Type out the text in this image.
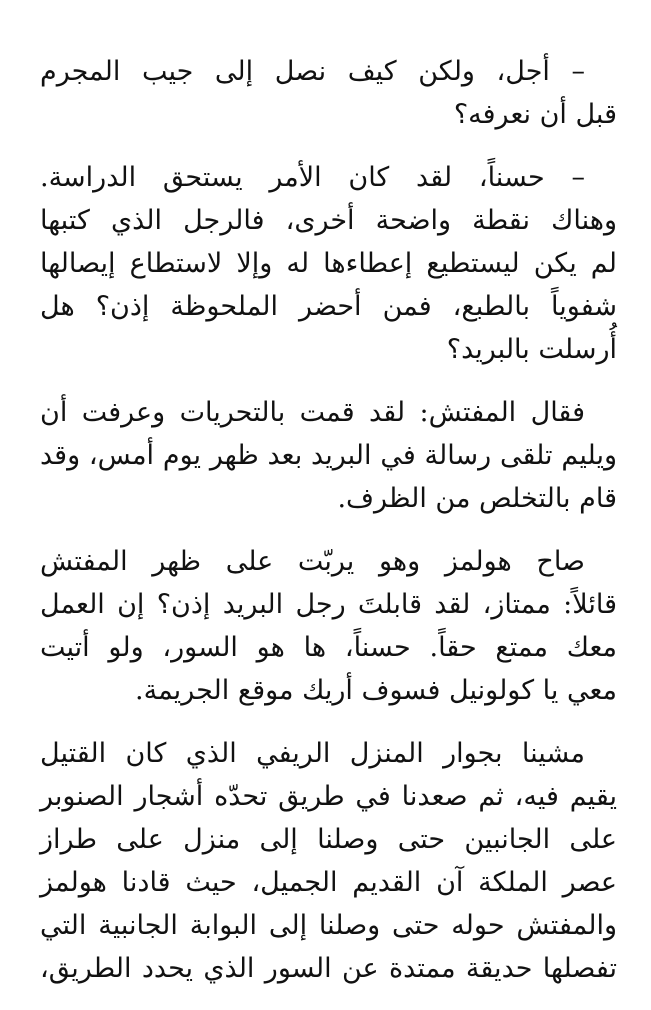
– أجل، ولكن كيف نصل إلى جيب المجرم
قبل أن نعرفه؟
– حسناً، لقد كان الأمر يستحق الدراسة.
وهناك نقطة واضحة أخرى، فالرجل الذي كتبها
لم يكن ليستطيع إعطاءها له وإلا لاستطاع إيصالها
شفوياً بالطبع، فمن أحضر الملحوظة إذن؟ هل
أُرسلت بالبريد؟
فقال المفتش: لقد قمت بالتحريات وعرفت أن
ويليم تلقى رسالة في البريد بعد ظهر يوم أمس، وقد
قام بالتخلص من الظرف.
صاح هولمز وهو يربّت على ظهر المفتش
قائلاً: ممتاز، لقد قابلتَ رجل البريد إذن؟ إن العمل
معك ممتع حقاً. حسناً، ها هو السور، ولو أتيت
معي يا كولونيل فسوف أريك موقع الجريمة.
مشينا بجوار المنزل الريفي الذي كان القتيل
يقيم فيه، ثم صعدنا في طريق تحدّه أشجار الصنوبر
على الجانبين حتى وصلنا إلى منزل على طراز
عصر الملكة آن القديم الجميل، حيث قادنا هولمز
والمفتش حوله حتى وصلنا إلى البوابة الجانبية التي
تفصلها حديقة ممتدة عن السور الذي يحدد الطريق،
